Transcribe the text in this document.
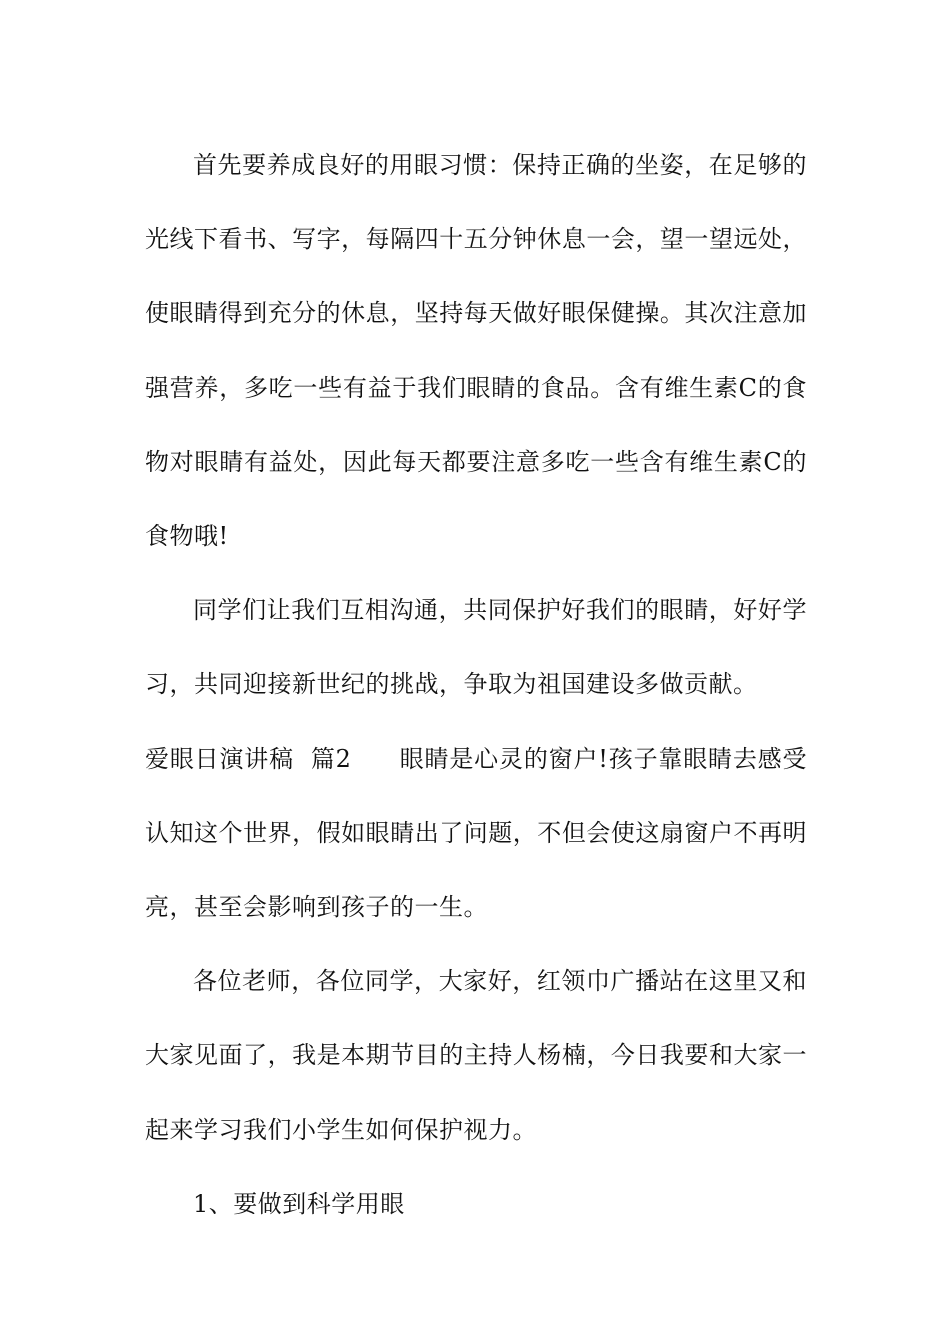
首先要养成良好的用眼习惯：保持正确的坐姿，在足够的光线下看书、写字，每隔四十五分钟休息一会，望一望远处，使眼睛得到充分的休息，坚持每天做好眼保健操。其次注意加强营养，多吃一些有益于我们眼睛的食品。含有维生素C的食物对眼睛有益处，因此每天都要注意多吃一些含有维生素C的食物哦!

同学们让我们互相沟通，共同保护好我们的眼睛，好好学习，共同迎接新世纪的挑战，争取为祖国建设多做贡献。

爱眼日演讲稿  篇2 眼睛是心灵的窗户!孩子靠眼睛去感受认知这个世界，假如眼睛出了问题，不但会使这扇窗户不再明亮，甚至会影响到孩子的一生。

各位老师，各位同学，大家好，红领巾广播站在这里又和大家见面了，我是本期节目的主持人杨楠，今日我要和大家一起来学习我们小学生如何保护视力。

1、要做到科学用眼
